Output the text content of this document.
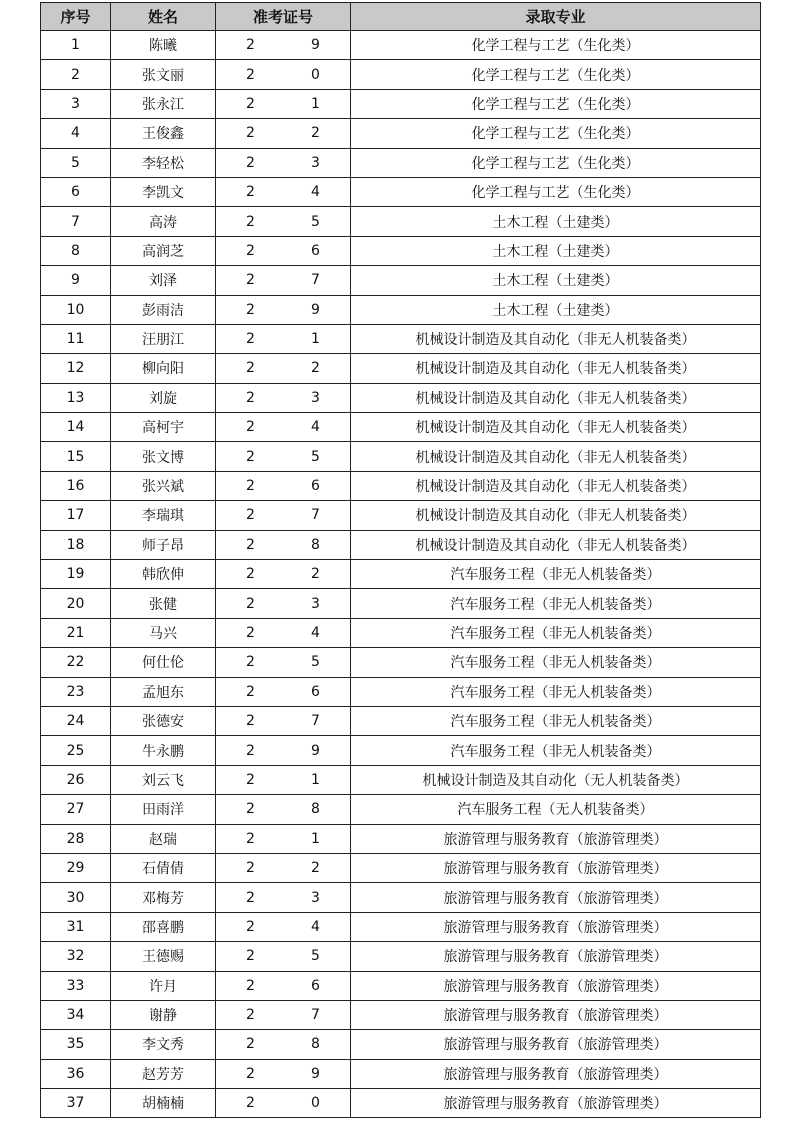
序号	姓名	准考证号	录取专业
1	陈曦	2 9	化学工程与工艺（生化类）
2	张文丽	2 0	化学工程与工艺（生化类）
3	张永江	2 1	化学工程与工艺（生化类）
4	王俊鑫	2 2	化学工程与工艺（生化类）
5	李轻松	2 3	化学工程与工艺（生化类）
6	李凯文	2 4	化学工程与工艺（生化类）
7	高涛	2 5	土木工程（土建类）
8	高润芝	2 6	土木工程（土建类）
9	刘泽	2 7	土木工程（土建类）
10	彭雨洁	2 9	土木工程（土建类）
11	汪朋江	2 1	机械设计制造及其自动化（非无人机装备类）
12	柳向阳	2 2	机械设计制造及其自动化（非无人机装备类）
13	刘旋	2 3	机械设计制造及其自动化（非无人机装备类）
14	高柯宇	2 4	机械设计制造及其自动化（非无人机装备类）
15	张文博	2 5	机械设计制造及其自动化（非无人机装备类）
16	张兴斌	2 6	机械设计制造及其自动化（非无人机装备类）
17	李瑞琪	2 7	机械设计制造及其自动化（非无人机装备类）
18	师子昂	2 8	机械设计制造及其自动化（非无人机装备类）
19	韩欣伸	2 2	汽车服务工程（非无人机装备类）
20	张健	2 3	汽车服务工程（非无人机装备类）
21	马兴	2 4	汽车服务工程（非无人机装备类）
22	何仕伦	2 5	汽车服务工程（非无人机装备类）
23	孟旭东	2 6	汽车服务工程（非无人机装备类）
24	张德安	2 7	汽车服务工程（非无人机装备类）
25	牛永鹏	2 9	汽车服务工程（非无人机装备类）
26	刘云飞	2 1	机械设计制造及其自动化（无人机装备类）
27	田雨洋	2 8	汽车服务工程（无人机装备类）
28	赵瑞	2 1	旅游管理与服务教育（旅游管理类）
29	石倩倩	2 2	旅游管理与服务教育（旅游管理类）
30	邓梅芳	2 3	旅游管理与服务教育（旅游管理类）
31	邵喜鹏	2 4	旅游管理与服务教育（旅游管理类）
32	王德赐	2 5	旅游管理与服务教育（旅游管理类）
33	许月	2 6	旅游管理与服务教育（旅游管理类）
34	谢静	2 7	旅游管理与服务教育（旅游管理类）
35	李文秀	2 8	旅游管理与服务教育（旅游管理类）
36	赵芳芳	2 9	旅游管理与服务教育（旅游管理类）
37	胡楠楠	2 0	旅游管理与服务教育（旅游管理类）
